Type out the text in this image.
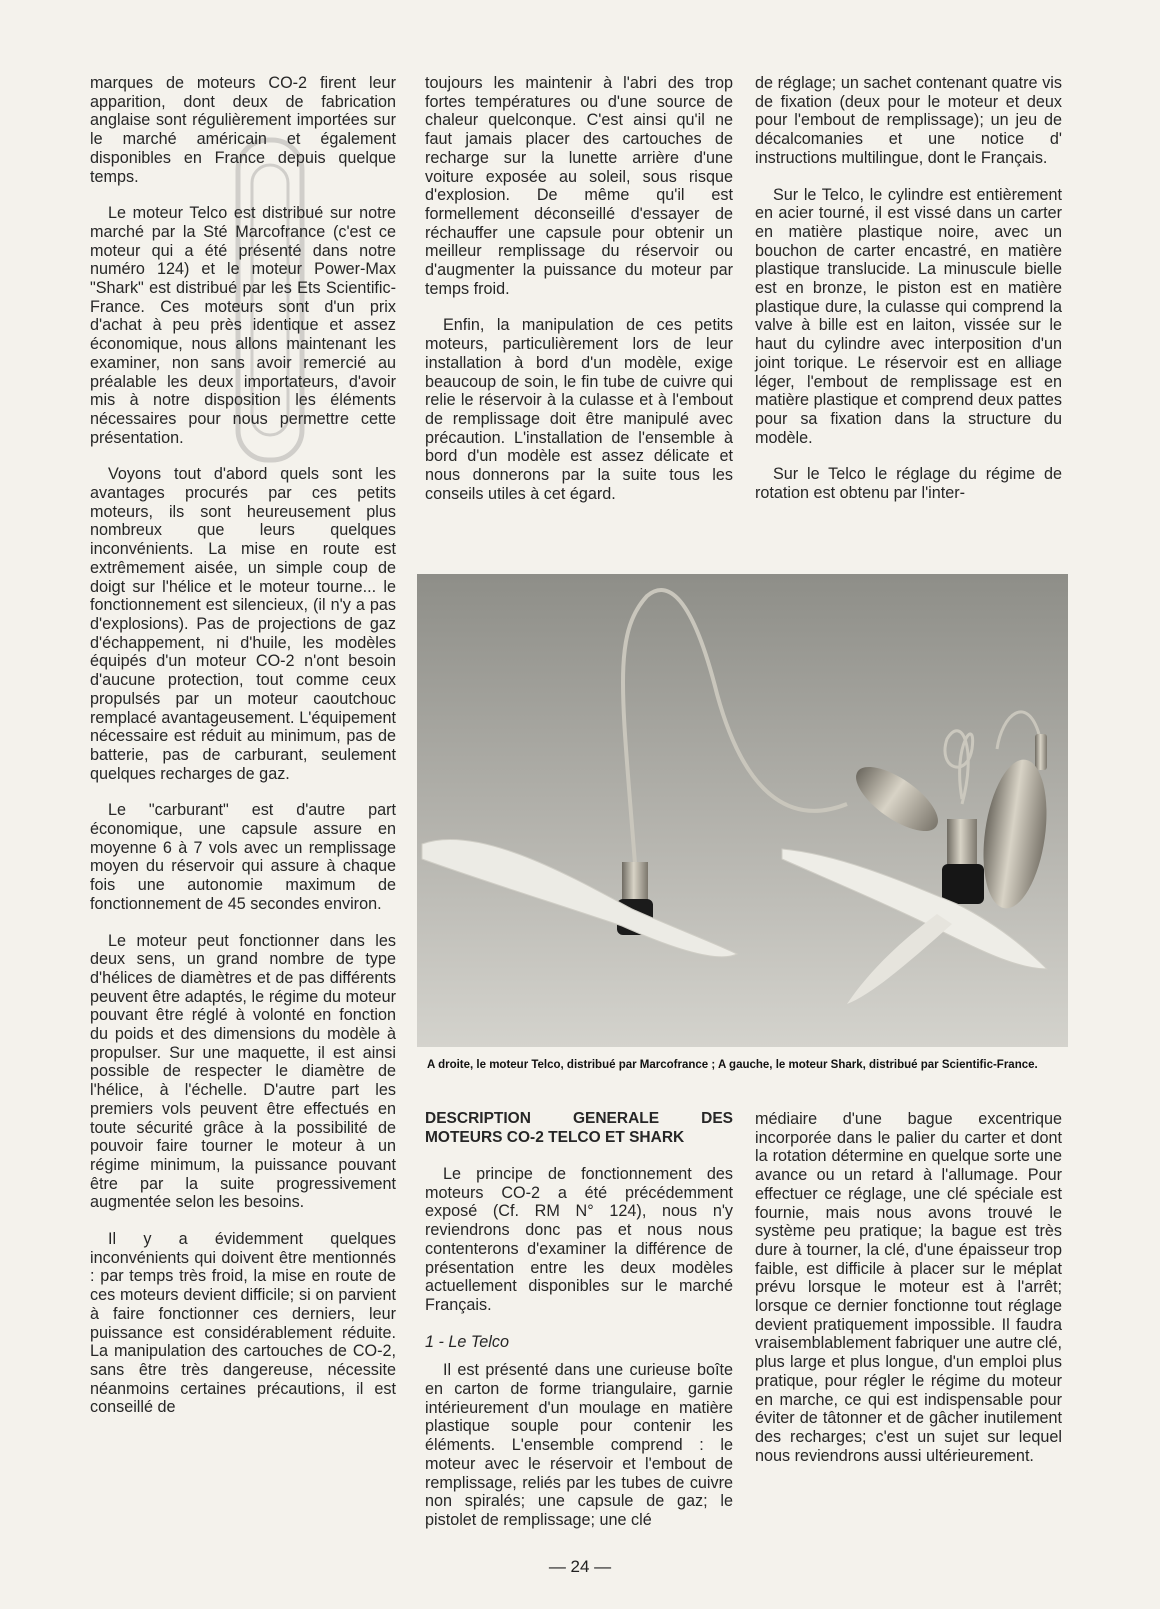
marques de moteurs CO-2 firent leur apparition, dont deux de fabrication anglaise sont régulièrement importées sur le marché américain et également disponibles en France depuis quelque temps.

Le moteur Telco est distribué sur notre marché par la Sté Marcofrance (c'est ce moteur qui a été présenté dans notre numéro 124) et le moteur Power-Max "Shark" est distribué par les Ets Scientific-France. Ces moteurs sont d'un prix d'achat à peu près identique et assez économique, nous allons maintenant les examiner, non sans avoir remercié au préalable les deux importateurs, d'avoir mis à notre disposition les éléments nécessaires pour nous permettre cette présentation.

Voyons tout d'abord quels sont les avantages procurés par ces petits moteurs, ils sont heureusement plus nombreux que leurs quelques inconvénients. La mise en route est extrêmement aisée, un simple coup de doigt sur l'hélice et le moteur tourne... le fonctionnement est silencieux, (il n'y a pas d'explosions). Pas de projections de gaz d'échappement, ni d'huile, les modèles équipés d'un moteur CO-2 n'ont besoin d'aucune protection, tout comme ceux propulsés par un moteur caoutchouc remplacé avantageusement. L'équipement nécessaire est réduit au minimum, pas de batterie, pas de carburant, seulement quelques recharges de gaz.

Le "carburant" est d'autre part économique, une capsule assure en moyenne 6 à 7 vols avec un remplissage moyen du réservoir qui assure à chaque fois une autonomie maximum de fonctionnement de 45 secondes environ.

Le moteur peut fonctionner dans les deux sens, un grand nombre de type d'hélices de diamètres et de pas différents peuvent être adaptés, le régime du moteur pouvant être réglé à volonté en fonction du poids et des dimensions du modèle à propulser. Sur une maquette, il est ainsi possible de respecter le diamètre de l'hélice, à l'échelle. D'autre part les premiers vols peuvent être effectués en toute sécurité grâce à la possibilité de pouvoir faire tourner le moteur à un régime minimum, la puissance pouvant être par la suite progressivement augmentée selon les besoins.

Il y a évidemment quelques inconvénients qui doivent être mentionnés : par temps très froid, la mise en route de ces moteurs devient difficile; si on parvient à faire fonctionner ces derniers, leur puissance est considérablement réduite. La manipulation des cartouches de CO-2, sans être très dangereuse, nécessite néanmoins certaines précautions, il est conseillé de

toujours les maintenir à l'abri des trop fortes températures ou d'une source de chaleur quelconque. C'est ainsi qu'il ne faut jamais placer des cartouches de recharge sur la lunette arrière d'une voiture exposée au soleil, sous risque d'explosion. De même qu'il est formellement déconseillé d'essayer de réchauffer une capsule pour obtenir un meilleur remplissage du réservoir ou d'augmenter la puissance du moteur par temps froid.

Enfin, la manipulation de ces petits moteurs, particulièrement lors de leur installation à bord d'un modèle, exige beaucoup de soin, le fin tube de cuivre qui relie le réservoir à la culasse et à l'embout de remplissage doit être manipulé avec précaution. L'installation de l'ensemble à bord d'un modèle est assez délicate et nous donnerons par la suite tous les conseils utiles à cet égard.

de réglage; un sachet contenant quatre vis de fixation (deux pour le moteur et deux pour l'embout de remplissage); un jeu de décalcomanies et une notice d' instructions multilingue, dont le Français.

Sur le Telco, le cylindre est entièrement en acier tourné, il est vissé dans un carter en matière plastique noire, avec un bouchon de carter encastré, en matière plastique translucide. La minuscule bielle est en bronze, le piston est en matière plastique dure, la culasse qui comprend la valve à bille est en laiton, vissée sur le haut du cylindre avec interposition d'un joint torique. Le réservoir est en alliage léger, l'embout de remplissage est en matière plastique et comprend deux pattes pour sa fixation dans la structure du modèle.

Sur le Telco le réglage du régime de rotation est obtenu par l'inter-

A droite, le moteur Telco, distribué par Marcofrance ; A gauche, le moteur Shark, distribué par Scientific-France.

DESCRIPTION GENERALE DES MOTEURS CO-2 TELCO ET SHARK

Le principe de fonctionnement des moteurs CO-2 a été précédemment exposé (Cf. RM N° 124), nous n'y reviendrons donc pas et nous nous contenterons d'examiner la différence de présentation entre les deux modèles actuellement disponibles sur le marché Français.

1 - Le Telco

Il est présenté dans une curieuse boîte en carton de forme triangulaire, garnie intérieurement d'un moulage en matière plastique souple pour contenir les éléments. L'ensemble comprend : le moteur avec le réservoir et l'embout de remplissage, reliés par les tubes de cuivre non spiralés; une capsule de gaz; le pistolet de remplissage; une clé

médiaire d'une bague excentrique incorporée dans le palier du carter et dont la rotation détermine en quelque sorte une avance ou un retard à l'allumage. Pour effectuer ce réglage, une clé spéciale est fournie, mais nous avons trouvé le système peu pratique; la bague est très dure à tourner, la clé, d'une épaisseur trop faible, est difficile à placer sur le méplat prévu lorsque le moteur est à l'arrêt; lorsque ce dernier fonctionne tout réglage devient pratiquement impossible. Il faudra vraisemblablement fabriquer une autre clé, plus large et plus longue, d'un emploi plus pratique, pour régler le régime du moteur en marche, ce qui est indispensable pour éviter de tâtonner et de gâcher inutilement des recharges; c'est un sujet sur lequel nous reviendrons aussi ultérieurement.

— 24 —
